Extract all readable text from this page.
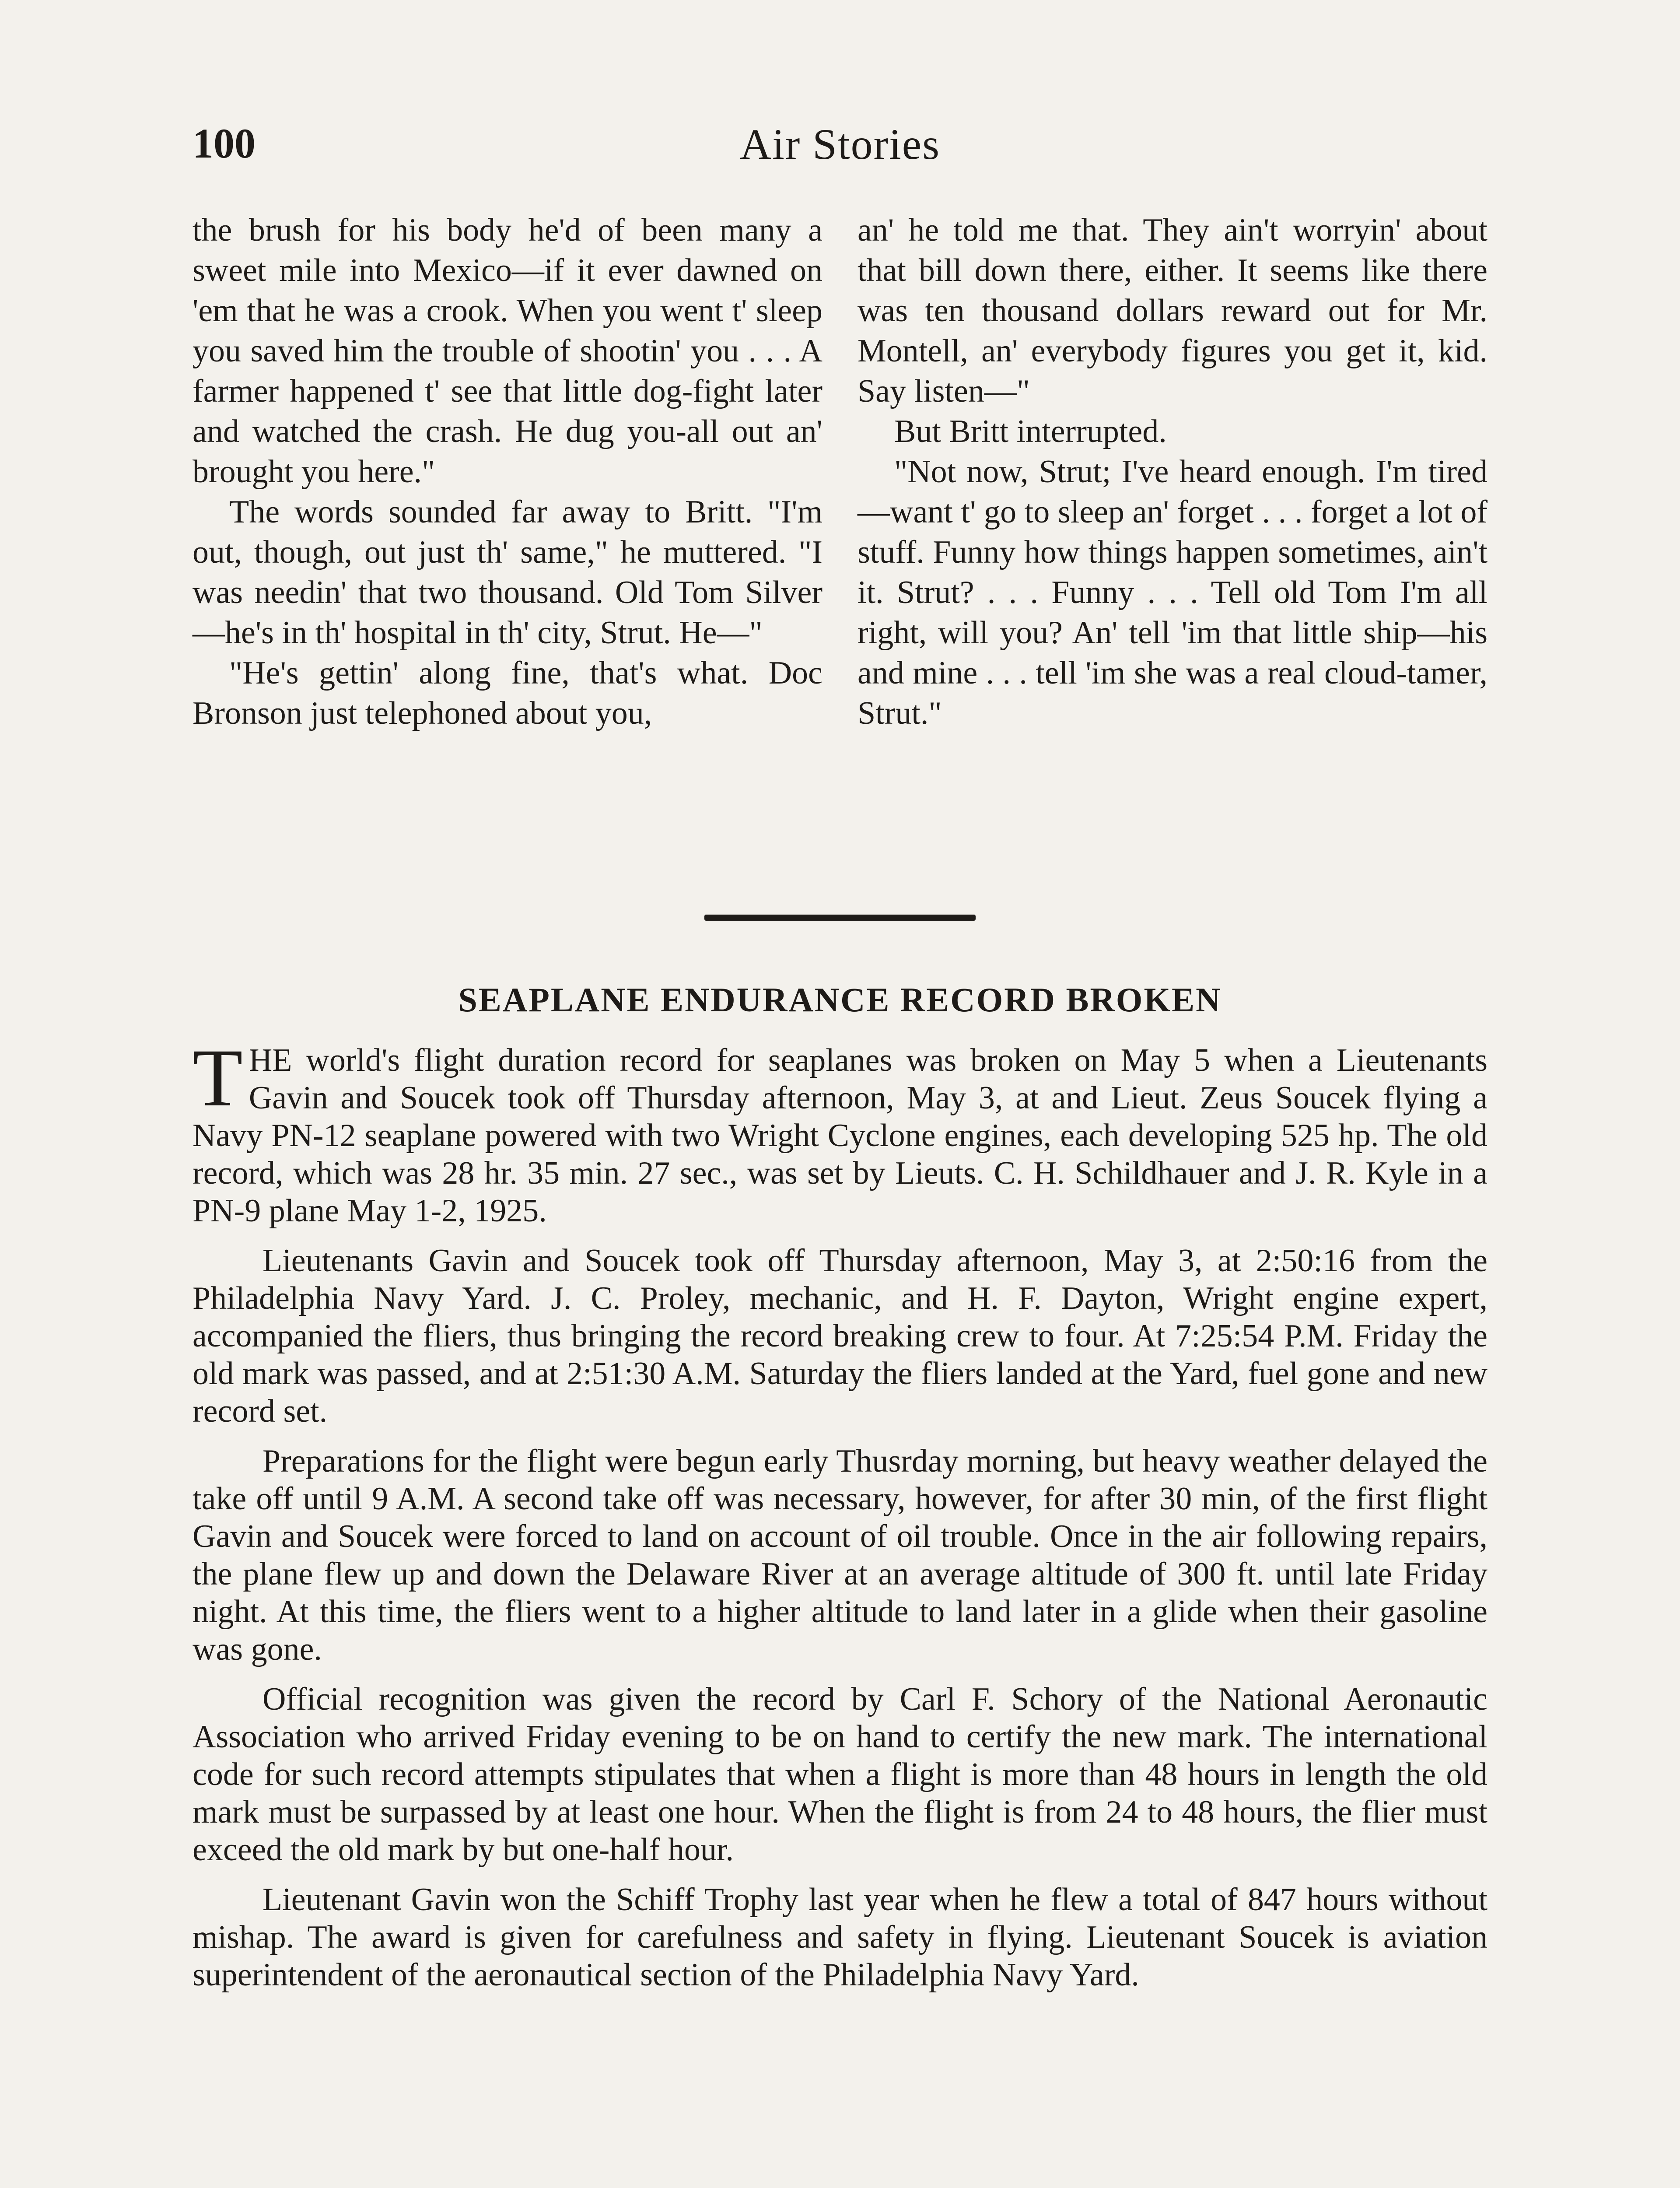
100	Air Stories

the brush for his body he'd of been many a sweet mile into Mexico—if it ever dawned on 'em that he was a crook. When you went t' sleep you saved him the trouble of shootin' you . . . A farmer happened t' see that little dog-fight later and watched the crash. He dug you-all out an' brought you here."

The words sounded far away to Britt. "I'm out, though, out just th' same," he muttered. "I was needin' that two thousand. Old Tom Silver—he's in th' hospital in th' city, Strut. He—"

"He's gettin' along fine, that's what. Doc Bronson just telephoned about you,

an' he told me that. They ain't worryin' about that bill down there, either. It seems like there was ten thousand dollars reward out for Mr. Montell, an' everybody figures you get it, kid. Say listen—"

But Britt interrupted.

"Not now, Strut; I've heard enough. I'm tired—want t' go to sleep an' forget . . . forget a lot of stuff. Funny how things happen sometimes, ain't it. Strut? . . . Funny . . . Tell old Tom I'm all right, will you? An' tell 'im that little ship—his and mine . . . tell 'im she was a real cloud-tamer, Strut."

SEAPLANE ENDURANCE RECORD BROKEN

THE world's flight duration record for seaplanes was broken on May 5 when a Lieutenants Gavin and Soucek took off Thursday afternoon, May 3, at and Lieut. Zeus Soucek flying a Navy PN-12 seaplane powered with two Wright Cyclone engines, each developing 525 hp. The old record, which was 28 hr. 35 min. 27 sec., was set by Lieuts. C. H. Schildhauer and J. R. Kyle in a PN-9 plane May 1-2, 1925.

Lieutenants Gavin and Soucek took off Thursday afternoon, May 3, at 2:50:16 from the Philadelphia Navy Yard. J. C. Proley, mechanic, and H. F. Dayton, Wright engine expert, accompanied the fliers, thus bringing the record breaking crew to four. At 7:25:54 P.M. Friday the old mark was passed, and at 2:51:30 A.M. Saturday the fliers landed at the Yard, fuel gone and new record set.

Preparations for the flight were begun early Thusrday morning, but heavy weather delayed the take off until 9 A.M. A second take off was necessary, however, for after 30 min, of the first flight Gavin and Soucek were forced to land on account of oil trouble. Once in the air following repairs, the plane flew up and down the Delaware River at an average altitude of 300 ft. until late Friday night. At this time, the fliers went to a higher altitude to land later in a glide when their gasoline was gone.

Official recognition was given the record by Carl F. Schory of the National Aeronautic Association who arrived Friday evening to be on hand to certify the new mark. The international code for such record attempts stipulates that when a flight is more than 48 hours in length the old mark must be surpassed by at least one hour. When the flight is from 24 to 48 hours, the flier must exceed the old mark by but one-half hour.

Lieutenant Gavin won the Schiff Trophy last year when he flew a total of 847 hours without mishap. The award is given for carefulness and safety in flying. Lieutenant Soucek is aviation superintendent of the aeronautical section of the Philadelphia Navy Yard.
